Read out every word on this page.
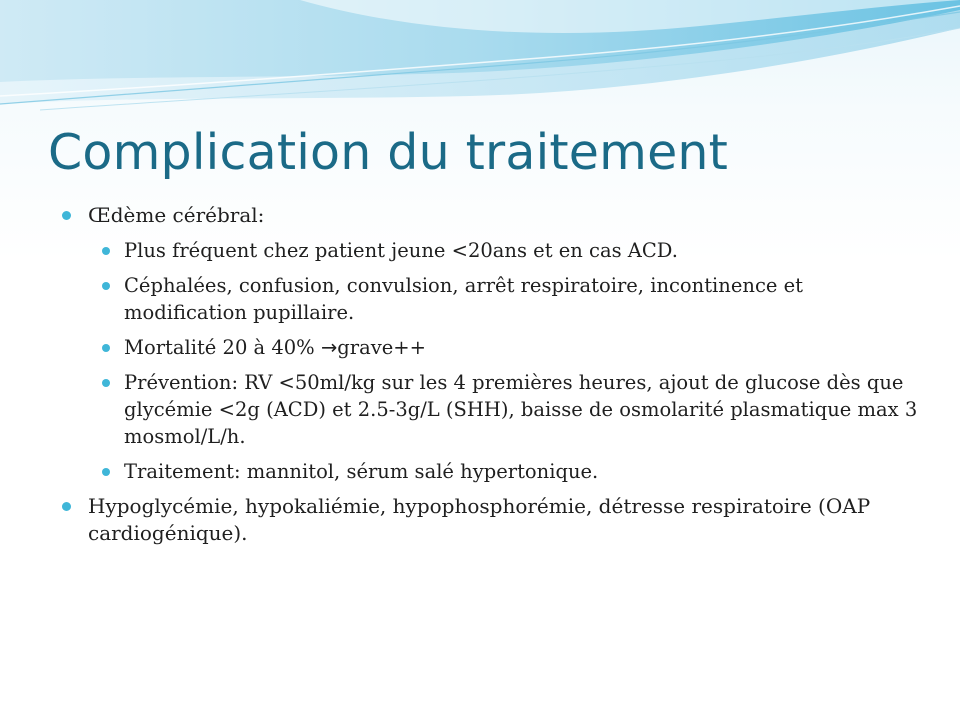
Complication du traitement
Œdème cérébral:
Plus fréquent chez patient jeune <20ans et en cas ACD.
Céphalées, confusion, convulsion, arrêt respiratoire, incontinence et modification pupillaire.
Mortalité 20 à 40% →grave++
Prévention: RV <50ml/kg sur les 4 premières heures, ajout de glucose dès que glycémie <2g (ACD) et 2.5-3g/L (SHH), baisse de osmolarité plasmatique max 3 mosmol/L/h.
Traitement: mannitol, sérum salé hypertonique.
Hypoglycémie, hypokaliémie, hypophosphorémie, détresse respiratoire (OAP cardiogénique).
